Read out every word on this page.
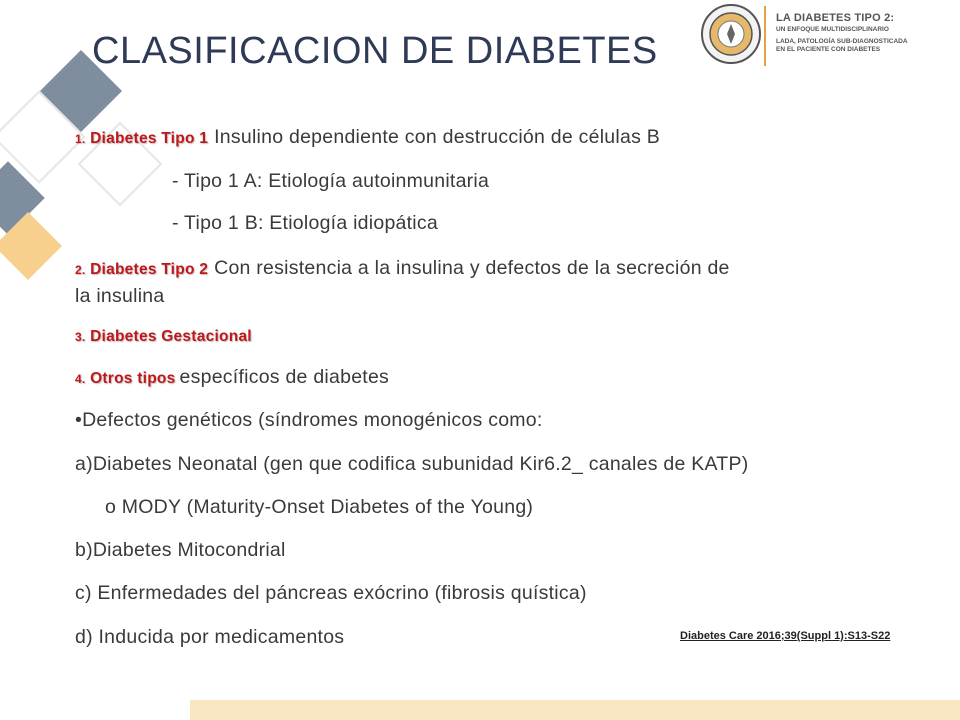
CLASIFICACION DE DIABETES
LA DIABETES TIPO 2:
UN ENFOQUE MULTIDISCIPLINARIO
LADA, PATOLOGÍA SUB-DIAGNOSTICADA
EN EL PACIENTE CON DIABETES
1. Diabetes Tipo 1 Insulino dependiente con destrucción de células B
- Tipo 1 A: Etiología autoinmunitaria
- Tipo 1 B: Etiología idiopática
2. Diabetes Tipo 2 Con resistencia a la insulina y defectos de la secreción de
la insulina
3. Diabetes Gestacional
4. Otros tipos específicos de diabetes
•Defectos genéticos (síndromes monogénicos como:
a)Diabetes Neonatal (gen que codifica subunidad Kir6.2_ canales de KATP)
o MODY (Maturity-Onset Diabetes of the Young)
b)Diabetes Mitocondrial
c) Enfermedades del páncreas exócrino (fibrosis quística)
d) Inducida por medicamentos	Diabetes Care 2016;39(Suppl 1):S13-S22
